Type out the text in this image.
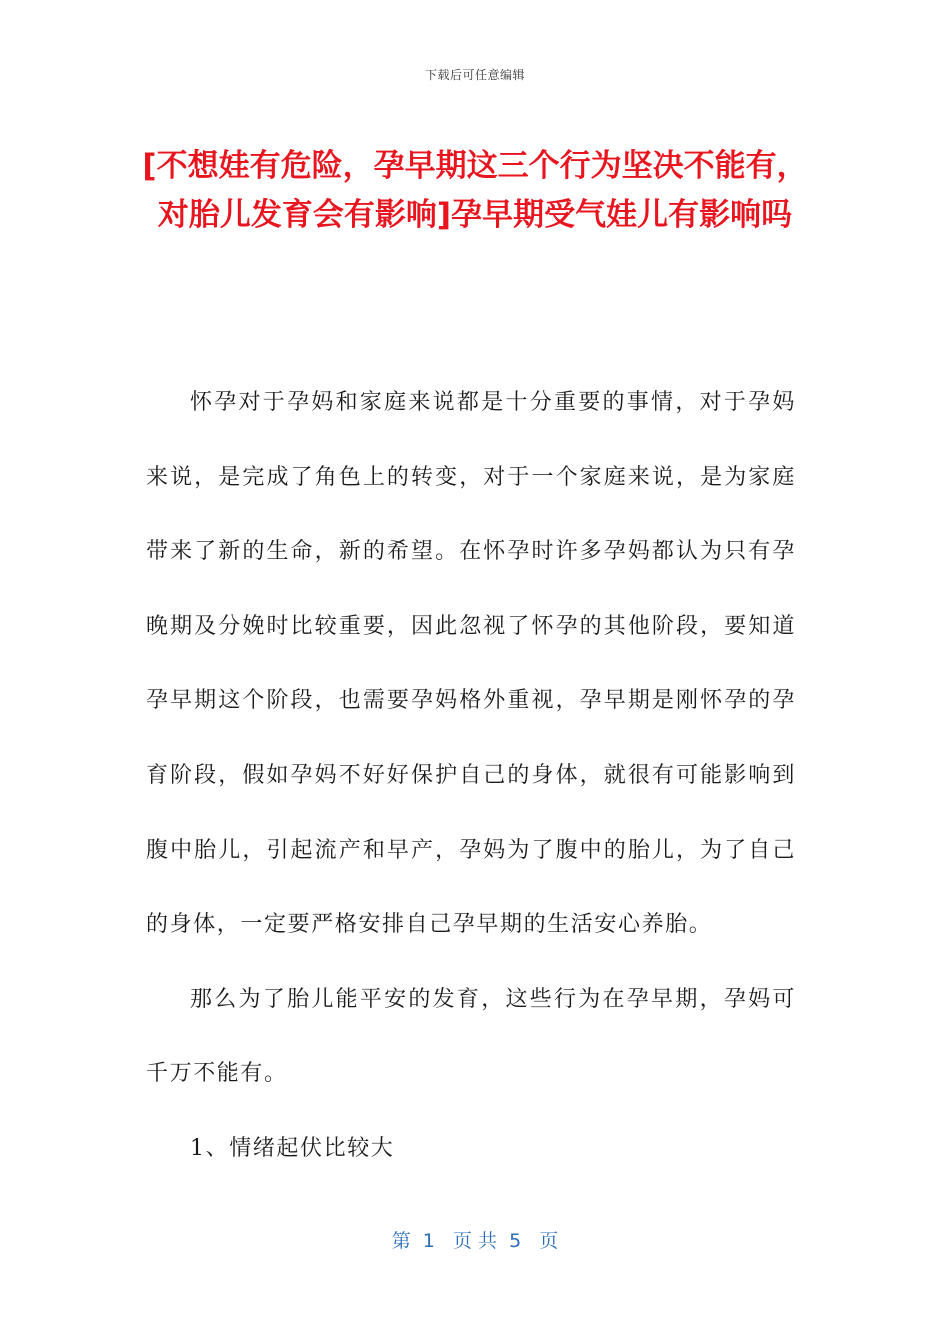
下载后可任意编辑
[不想娃有危险，孕早期这三个行为坚决不能有，对胎儿发育会有影响]孕早期受气娃儿有影响吗

怀孕对于孕妈和家庭来说都是十分重要的事情，对于孕妈来说，是完成了角色上的转变，对于一个家庭来说，是为家庭带来了新的生命，新的希望。在怀孕时许多孕妈都认为只有孕晚期及分娩时比较重要，因此忽视了怀孕的其他阶段，要知道孕早期这个阶段，也需要孕妈格外重视，孕早期是刚怀孕的孕育阶段，假如孕妈不好好保护自己的身体，就很有可能影响到腹中胎儿，引起流产和早产，孕妈为了腹中的胎儿，为了自己的身体，一定要严格安排自己孕早期的生活安心养胎。

那么为了胎儿能平安的发育，这些行为在孕早期，孕妈可千万不能有。

1、情绪起伏比较大

第  1   页 共  5   页
